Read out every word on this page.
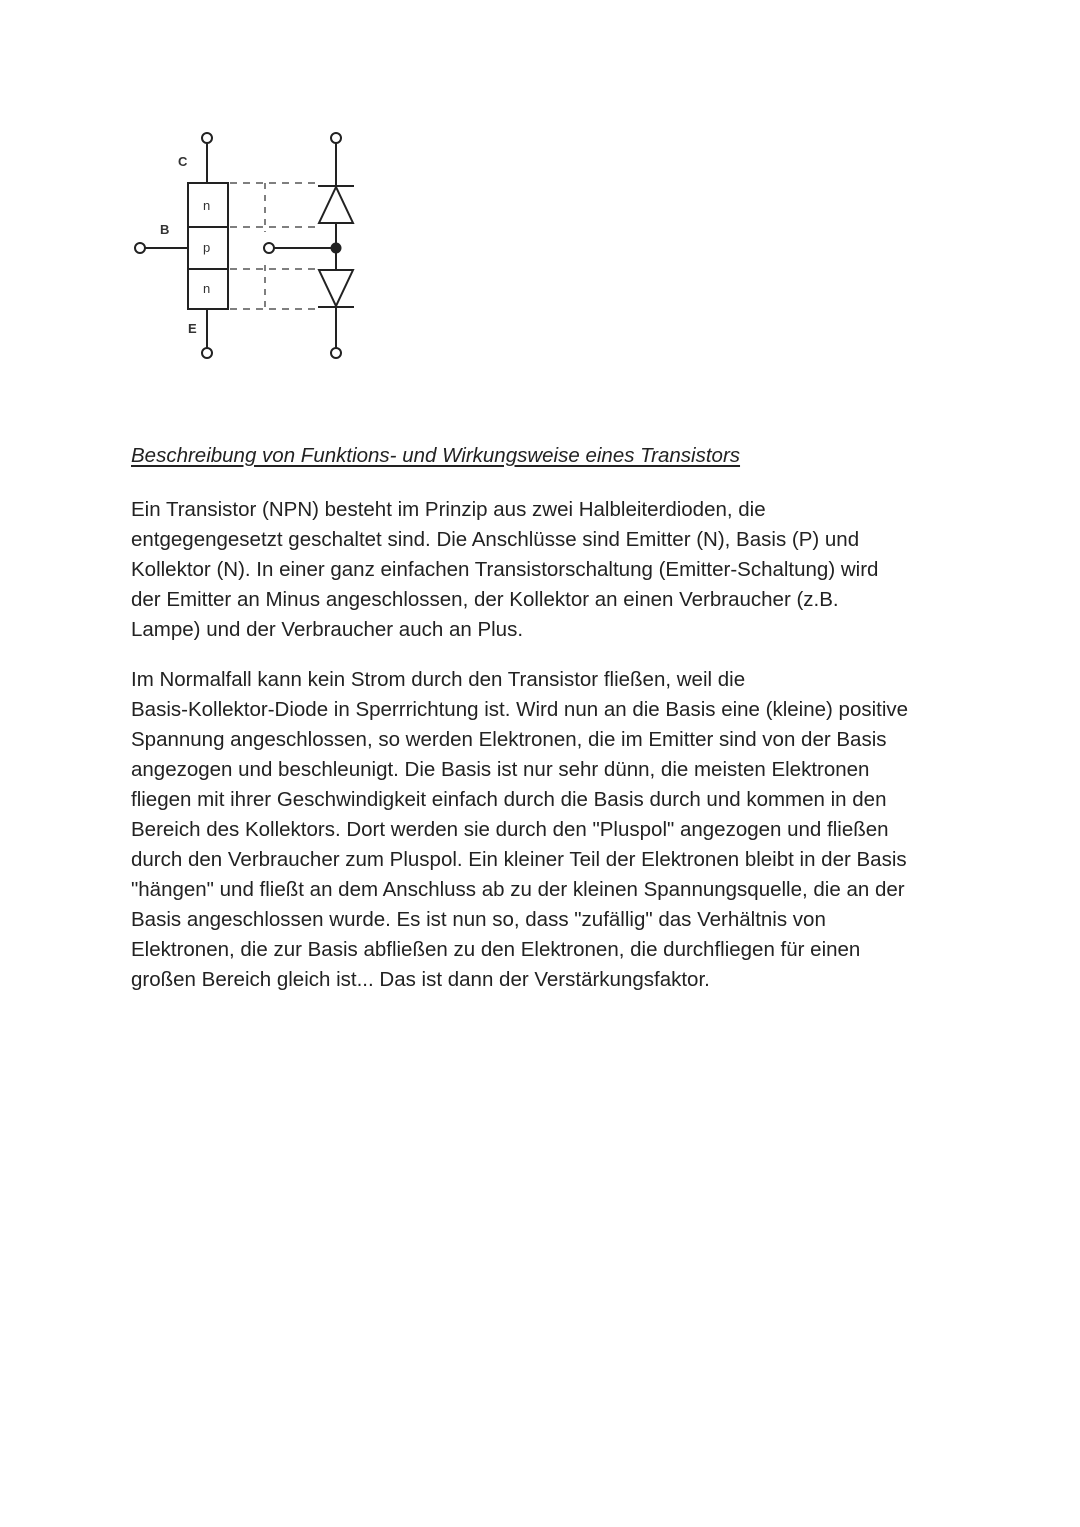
C
B
E
n
p
n
Beschreibung von Funktions- und Wirkungsweise eines Transistors

Ein Transistor (NPN) besteht im Prinzip aus zwei Halbleiterdioden, die
entgegengesetzt geschaltet sind. Die Anschlüsse sind Emitter (N), Basis (P) und
Kollektor (N). In einer ganz einfachen Transistorschaltung (Emitter-Schaltung) wird
der Emitter an Minus angeschlossen, der Kollektor an einen Verbraucher (z.B.
Lampe) und der Verbraucher auch an Plus.

Im Normalfall kann kein Strom durch den Transistor fließen, weil die
Basis-Kollektor-Diode in Sperrrichtung ist. Wird nun an die Basis eine (kleine) positive
Spannung angeschlossen, so werden Elektronen, die im Emitter sind von der Basis
angezogen und beschleunigt. Die Basis ist nur sehr dünn, die meisten Elektronen
fliegen mit ihrer Geschwindigkeit einfach durch die Basis durch und kommen in den
Bereich des Kollektors. Dort werden sie durch den "Pluspol" angezogen und fließen
durch den Verbraucher zum Pluspol. Ein kleiner Teil der Elektronen bleibt in der Basis
"hängen" und fließt an dem Anschluss ab zu der kleinen Spannungsquelle, die an der
Basis angeschlossen wurde. Es ist nun so, dass "zufällig" das Verhältnis von
Elektronen, die zur Basis abfließen zu den Elektronen, die durchfliegen für einen
großen Bereich gleich ist... Das ist dann der Verstärkungsfaktor.
